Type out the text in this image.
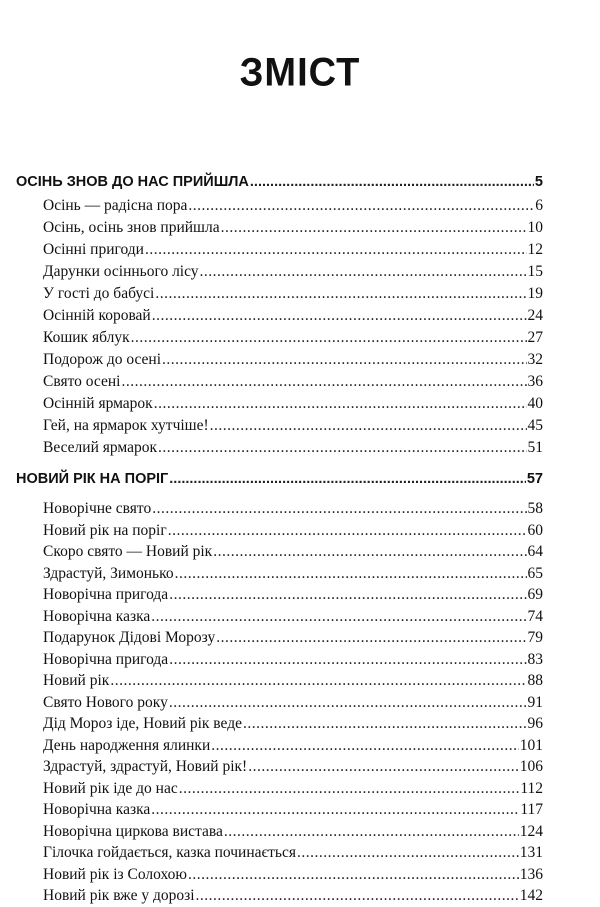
ЗМІСТ
ОСІНЬ ЗНОВ ДО НАС ПРИЙШЛА .....	5
Осінь — радісна пора .....	6
Осінь, осінь знов прийшла .....	10
Осінні пригоди .....	12
Дарунки осіннього лісу .....	15
У гості до бабусі .....	19
Осінній коровай .....	24
Кошик яблук .....	27
Подорож до осені .....	32
Свято осені .....	36
Осінній ярмарок .....	40
Гей, на ярмарок хутчіше! .....	45
Веселий ярмарок .....	51
НОВИЙ РІК НА ПОРІГ .....	57
Новорічне свято .....	58
Новий рік на поріг .....	60
Скоро свято — Новий рік .....	64
Здрастуй, Зимонько .....	65
Новорічна пригода .....	69
Новорічна казка .....	74
Подарунок Дідові Морозу .....	79
Новорічна пригода .....	83
Новий рік .....	88
Свято Нового року .....	91
Дід Мороз іде, Новий рік веде .....	96
День народження ялинки .....	101
Здрастуй, здрастуй, Новий рік! .....	106
Новий рік іде до нас .....	112
Новорічна казка .....	117
Новорічна циркова вистава .....	124
Гілочка гойдається, казка починається .....	131
Новий рік із Солохою .....	136
Новий рік вже у дорозі .....	142
